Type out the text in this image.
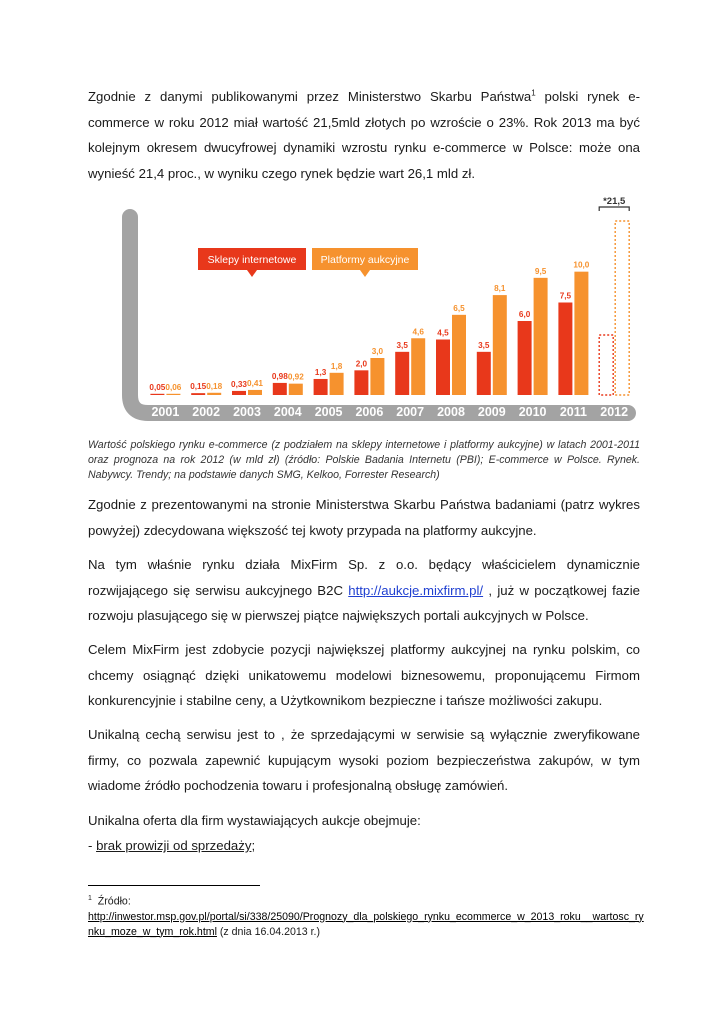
Zgodnie z danymi publikowanymi przez Ministerstwo Skarbu Państwa$^1$ polski rynek e-commerce w roku 2012 miał wartość 21,5mld złotych po wzroście o 23%. Rok 2013 ma być kolejnym okresem dwucyfrowej dynamiki wzrostu rynku e-commerce w Polsce: może ona wynieść 21,4 proc., w wyniku czego rynek będzie wart 26,1 mld zł.

2001
0,05 0,06
2002
0,15 0,18
2003
0,33 0,41
2004
0,98 0,92
2005
1,3
1,8
2006
2,0
3,0
2007
3,5
4,6
2008
4,5
6,5
2009
3,5
8,1
2010
6,0
9,5
2011
7,5
10,0
2012
*21,5
Sklepy internetowe Platformy aukcyjne

Wartość polskiego rynku e-commerce (z podziałem na sklepy internetowe i platformy aukcyjne) w latach 2001-2011 oraz prognoza na rok 2012 (w mld zł) (źródło: Polskie Badania Internetu (PBI); E-commerce w Polsce. Rynek. Nabywcy. Trendy; na podstawie danych SMG, Kelkoo, Forrester Research)

Zgodnie z prezentowanymi na stronie Ministerstwa Skarbu Państwa badaniami (patrz wykres powyżej) zdecydowana większość tej kwoty przypada na platformy aukcyjne.

Na tym właśnie rynku działa MixFirm Sp. z o.o. będący właścicielem dynamicznie rozwijającego się serwisu aukcyjnego B2C http://aukcje.mixfirm.pl/ , już w początkowej fazie rozwoju plasującego się w pierwszej piątce największych portali aukcyjnych w Polsce.

Celem MixFirm jest zdobycie pozycji największej platformy aukcyjnej na rynku polskim, co chcemy osiągnąć dzięki unikatowemu modelowi biznesowemu, proponującemu Firmom konkurencyjnie i stabilne ceny, a Użytkownikom bezpieczne i tańsze możliwości zakupu.

Unikalną cechą serwisu jest to , że sprzedającymi w serwisie są wyłącznie zweryfikowane firmy, co pozwala zapewnić kupującym wysoki poziom bezpieczeństwa zakupów, w tym wiadome źródło pochodzenia towaru i profesjonalną obsługę zamówień.

Unikalna oferta dla firm wystawiających aukcje obejmuje:

- brak prowizji od sprzedaży;

$^1$ Źródło:
http://inwestor.msp.gov.pl/portal/si/338/25090/Prognozy_dla_polskiego_rynku_ecommerce_w_2013_roku__wartosc_rynku_moze_w_tym_rok.html (z dnia 16.04.2013 r.)
